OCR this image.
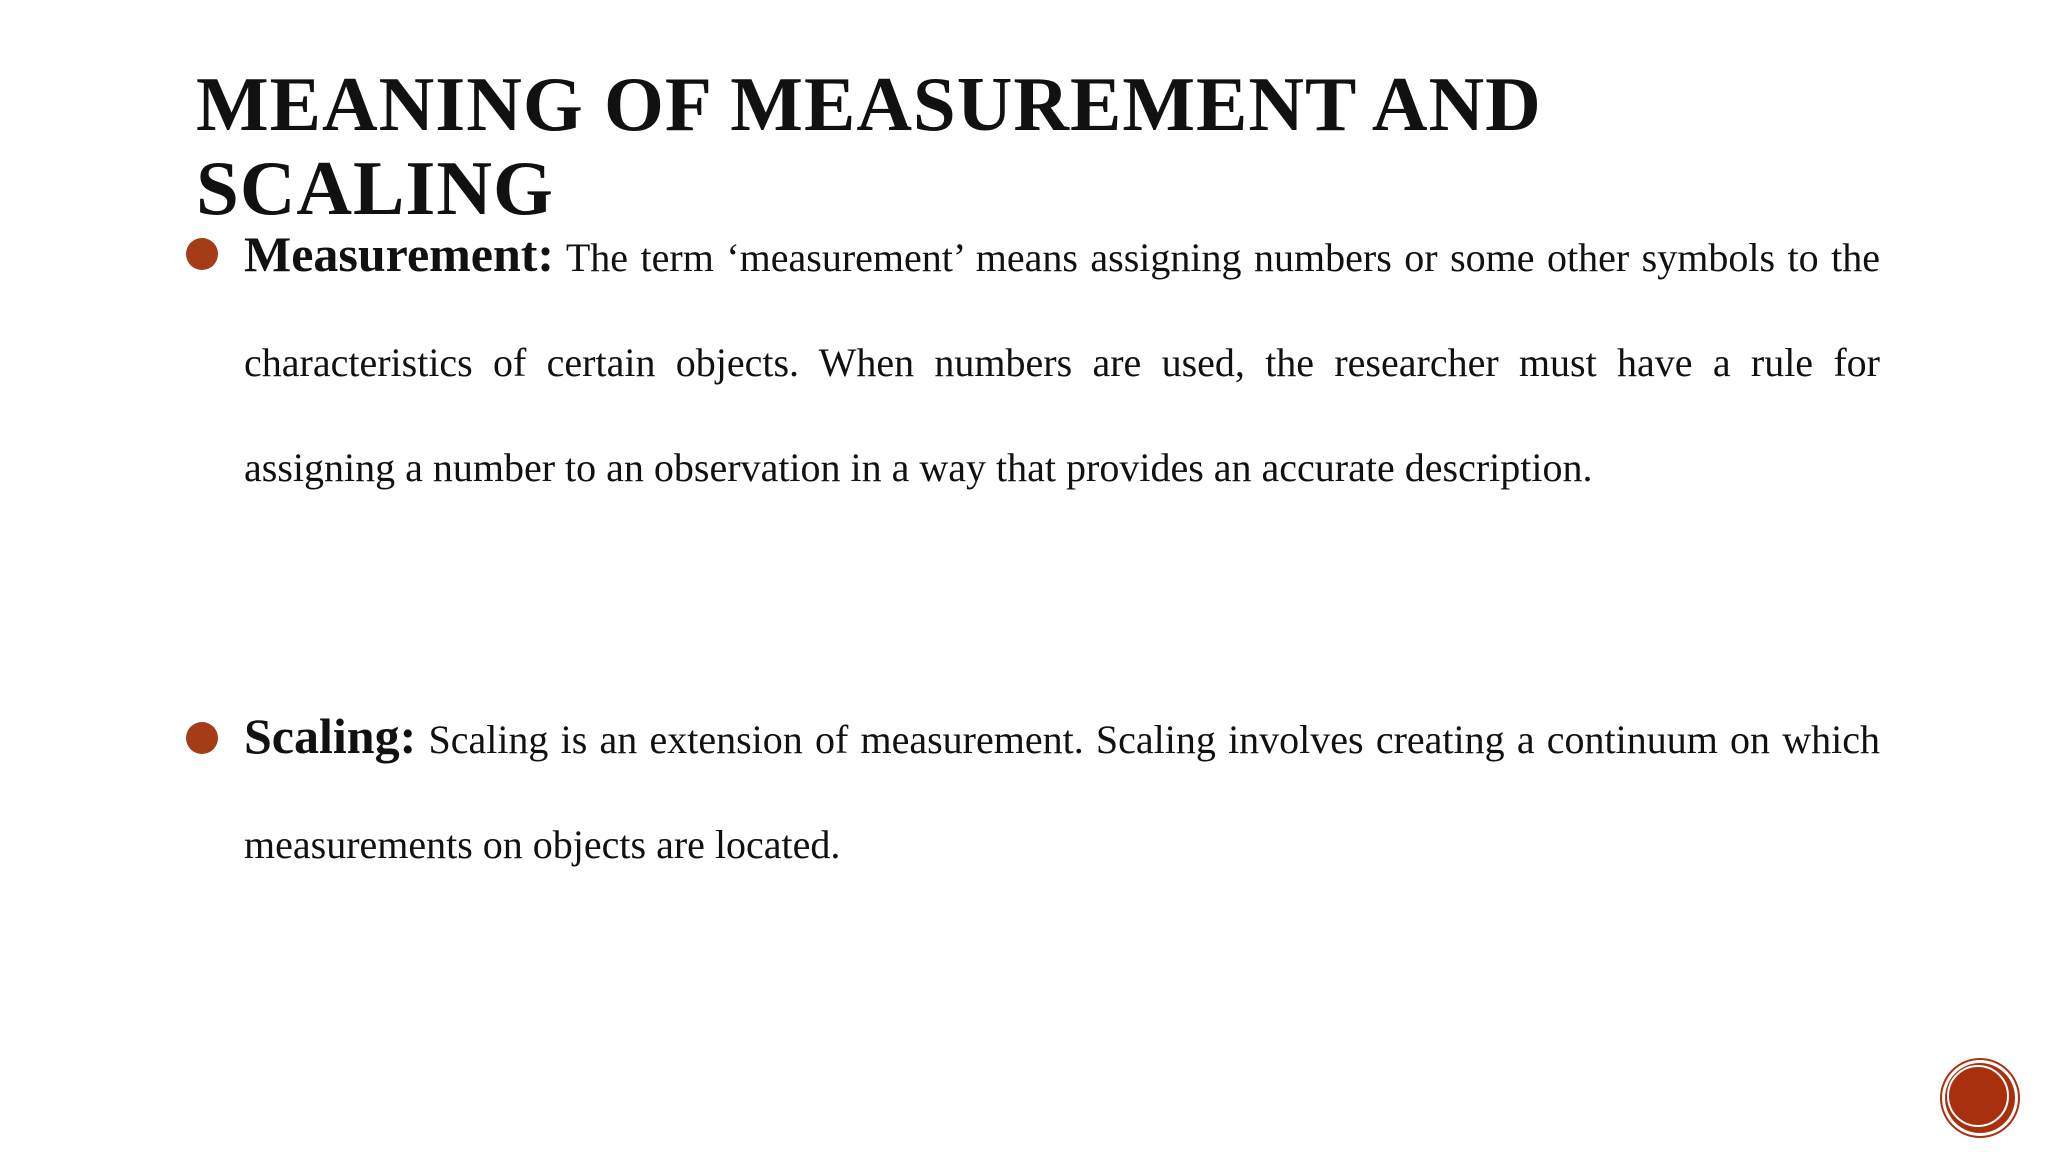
MEANING OF MEASUREMENT AND
SCALING

Measurement: The term ‘measurement’ means assigning numbers or some other symbols to the characteristics of certain objects. When numbers are used, the researcher must have a rule for assigning a number to an observation in a way that provides an accurate description.

Scaling: Scaling is an extension of measurement. Scaling involves creating a continuum on which measurements on objects are located.
